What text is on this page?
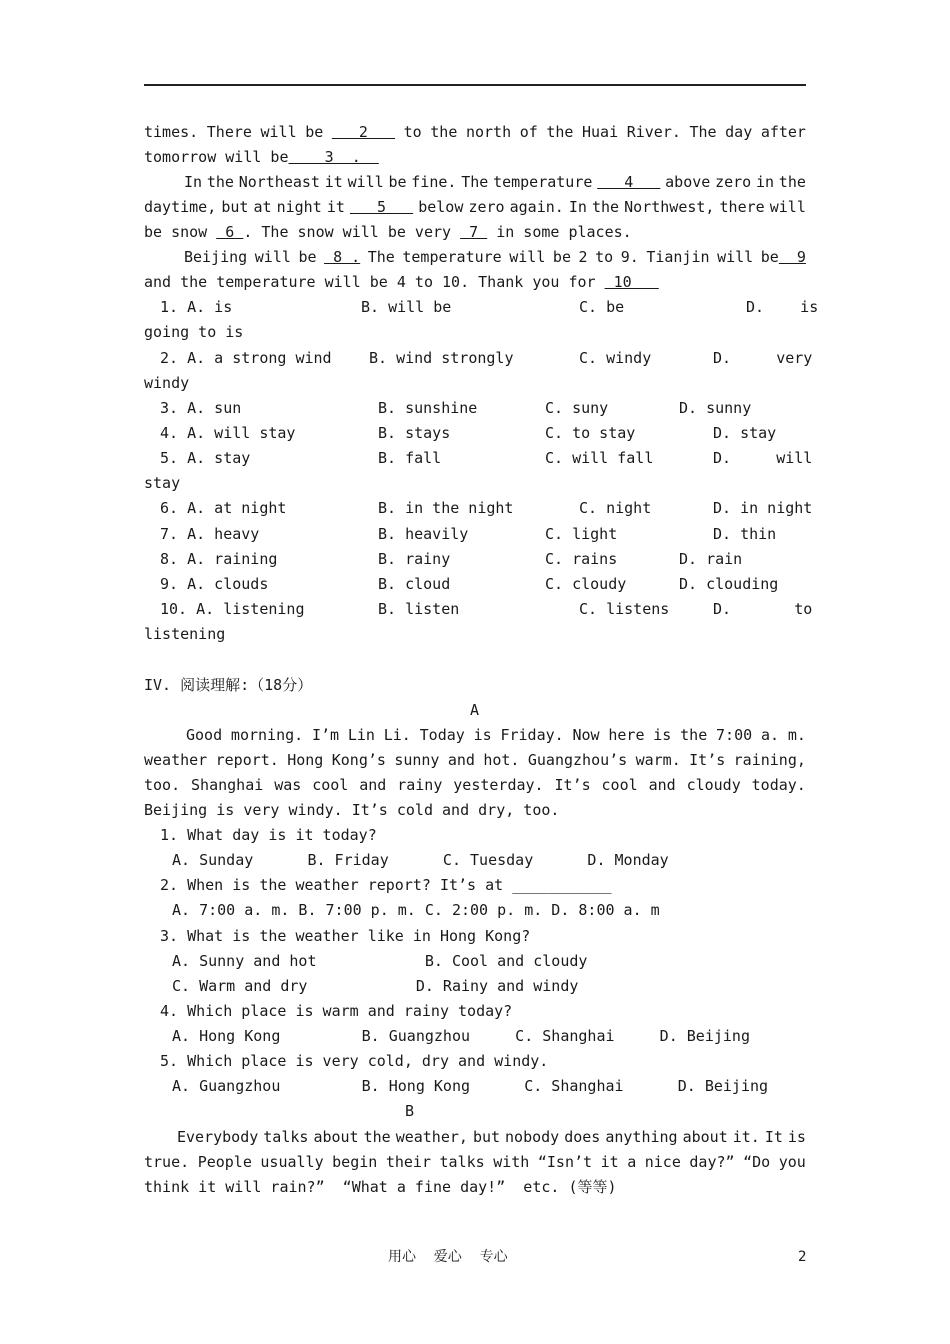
times. There will be 2 to the north of the Huai River. The day after
tomorrow will be    3  .
In the Northeast it will be fine. The temperature 4 above zero in the
daytime, but at night it 5 below zero again. In the Northwest, there will
be snow  6 . The snow will be very  7  in some places.
Beijing will be 8 . The temperature will be 2 to 9. Tianjin will be  9
and the temperature will be 4 to 10. Thank you for  10
1. A. is	B. will be	C. be	D.    is
going to is
2. A. a strong wind B. wind strongly	C. windy	D.     very
windy
3. A. sun	B. sunshine	C. suny	D. sunny
4. A. will stay	B. stays	C. to stay	D. stay
5. A. stay	B. fall	C. will fall	D.     will
stay
6. A. at night	B. in the night	C. night	D. in night
7. A. heavy	B. heavily	C. light	D. thin
8. A. raining	B. rainy	C. rains	D. rain
9. A. clouds	B. cloud	C. cloudy	D. clouding
10. A. listening	B. listen	C. listens	D.       to
listening
IV. 阅读理解:（18分）
A
Good morning. I’m Lin Li. Today is Friday. Now here is the 7:00 a. m.
weather report. Hong Kong’s sunny and hot. Guangzhou’s warm. It’s raining,
too. Shanghai was cool and rainy yesterday. It’s cool and cloudy today.
Beijing is very windy. It’s cold and dry, too.
1. What day is it today?
A. Sunday      B. Friday      C. Tuesday      D. Monday
2. When is the weather report? It’s at ___________
A. 7:00 a. m. B. 7:00 p. m. C. 2:00 p. m. D. 8:00 a. m
3. What is the weather like in Hong Kong?
A. Sunny and hot            B. Cool and cloudy
C. Warm and dry            D. Rainy and windy
4. Which place is warm and rainy today?
A. Hong Kong         B. Guangzhou     C. Shanghai     D. Beijing
5. Which place is very cold, dry and windy.
A. Guangzhou         B. Hong Kong      C. Shanghai      D. Beijing
B
Everybody talks about the weather, but nobody does anything about it. It is
true. People usually begin their talks with “Isn’t it a nice day?” “Do you
think it will rain?”  “What a fine day!”  etc. (等等)
用心    爱心    专心	2
